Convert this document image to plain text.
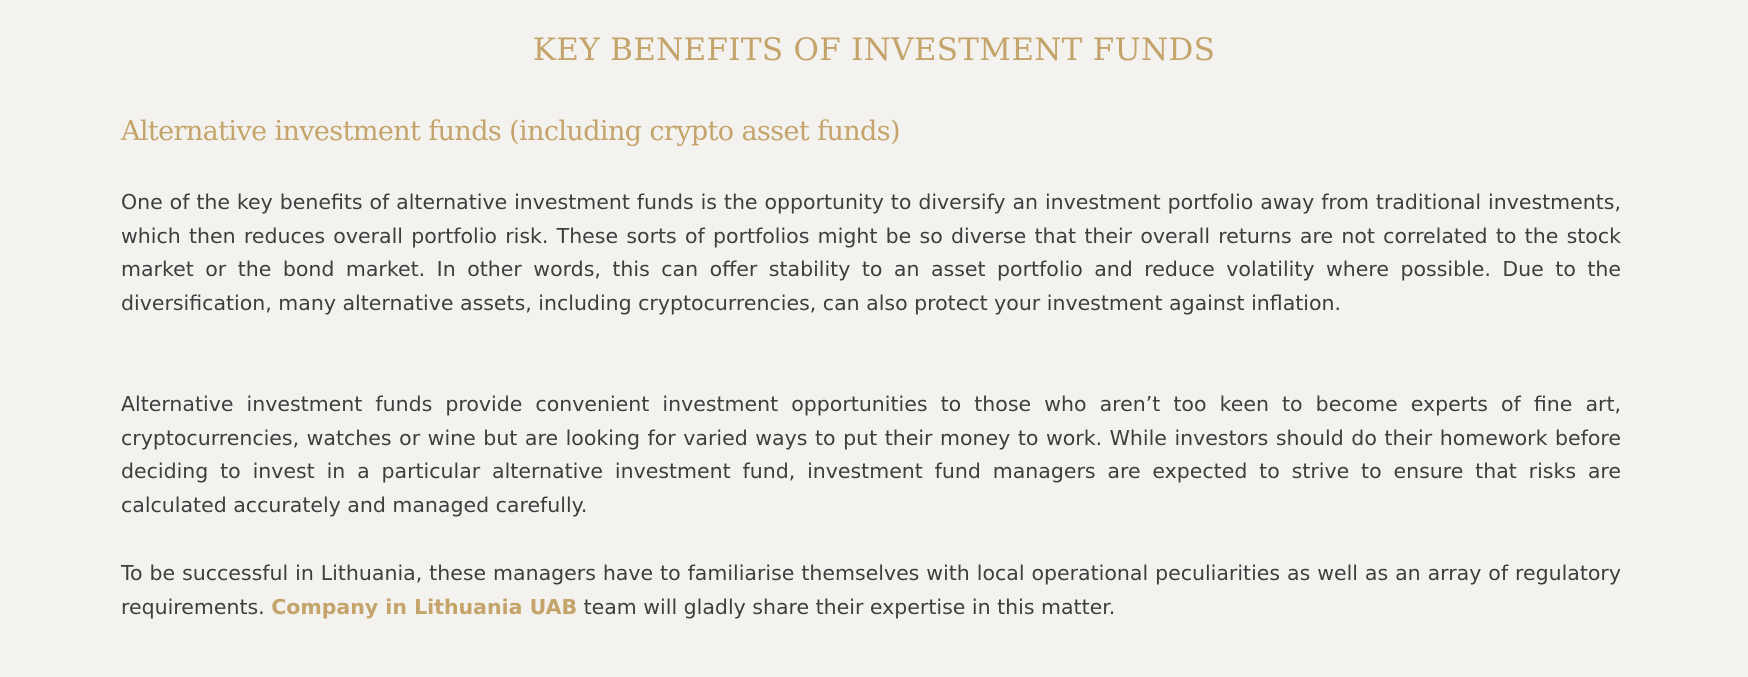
KEY BENEFITS OF INVESTMENT FUNDS
Alternative investment funds (including crypto asset funds)

One of the key benefits of alternative investment funds is the opportunity to diversify an investment portfolio away from traditional investments, which then reduces overall portfolio risk. These sorts of portfolios might be so diverse that their overall returns are not correlated to the stock market or the bond market. In other words, this can offer stability to an asset portfolio and reduce volatility where possible. Due to the diversification, many alternative assets, including cryptocurrencies, can also protect your investment against inflation.

Alternative investment funds provide convenient investment opportunities to those who aren’t too keen to become experts of fine art, cryptocurrencies, watches or wine but are looking for varied ways to put their money to work. While investors should do their homework before deciding to invest in a particular alternative investment fund, investment fund managers are expected to strive to ensure that risks are calculated accurately and managed carefully.

To be successful in Lithuania, these managers have to familiarise themselves with local operational peculiarities as well as an array of regulatory requirements. Company in Lithuania UAB team will gladly share their expertise in this matter.
